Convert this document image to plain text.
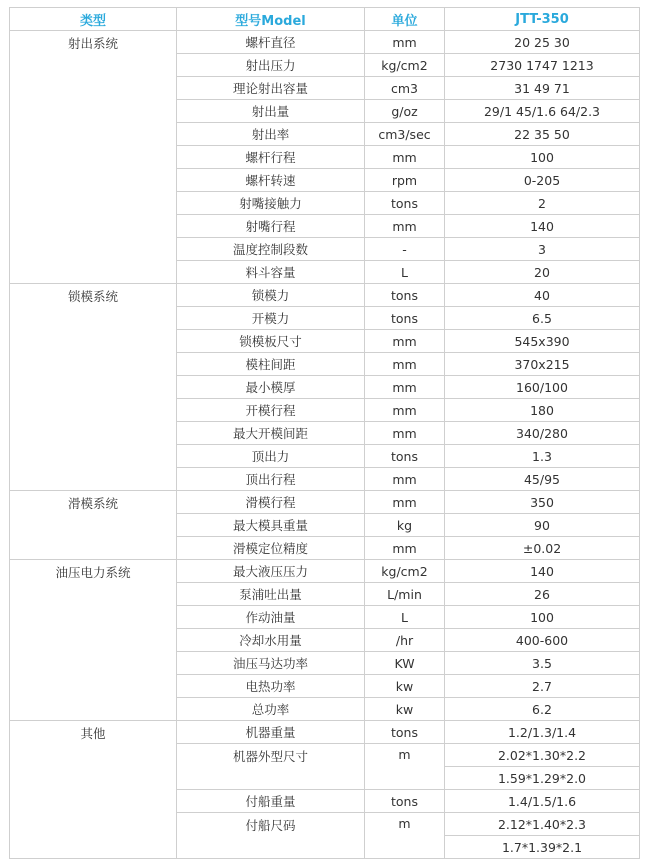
类型	型号Model	单位	JTT-350
射出系统	螺杆直径	mm	20 25 30
	射出压力	kg/cm2	2730 1747 1213
	理论射出容量	cm3	31 49 71
	射出量	g/oz	29/1 45/1.6 64/2.3
	射出率	cm3/sec	22 35 50
	螺杆行程	mm	100
	螺杆转速	rpm	0-205
	射嘴接触力	tons	2
	射嘴行程	mm	140
	温度控制段数	-	3
	料斗容量	L	20
锁模系统	锁模力	tons	40
	开模力	tons	6.5
	锁模板尺寸	mm	545x390
	模柱间距	mm	370x215
	最小模厚	mm	160/100
	开模行程	mm	180
	最大开模间距	mm	340/280
	顶出力	tons	1.3
	顶出行程	mm	45/95
滑模系统	滑模行程	mm	350
	最大模具重量	kg	90
	滑模定位精度	mm	±0.02
油压电力系统	最大液压压力	kg/cm2	140
	泵浦吐出量	L/min	26
	作动油量	L	100
	冷却水用量	/hr	400-600
	油压马达功率	KW	3.5
	电热功率	kw	2.7
	总功率	kw	6.2
其他	机器重量	tons	1.2/1.3/1.4
	机器外型尺寸	m	2.02*1.30*2.2
			1.59*1.29*2.0
	付船重量	tons	1.4/1.5/1.6
	付船尺码	m	2.12*1.40*2.3
			1.7*1.39*2.1
